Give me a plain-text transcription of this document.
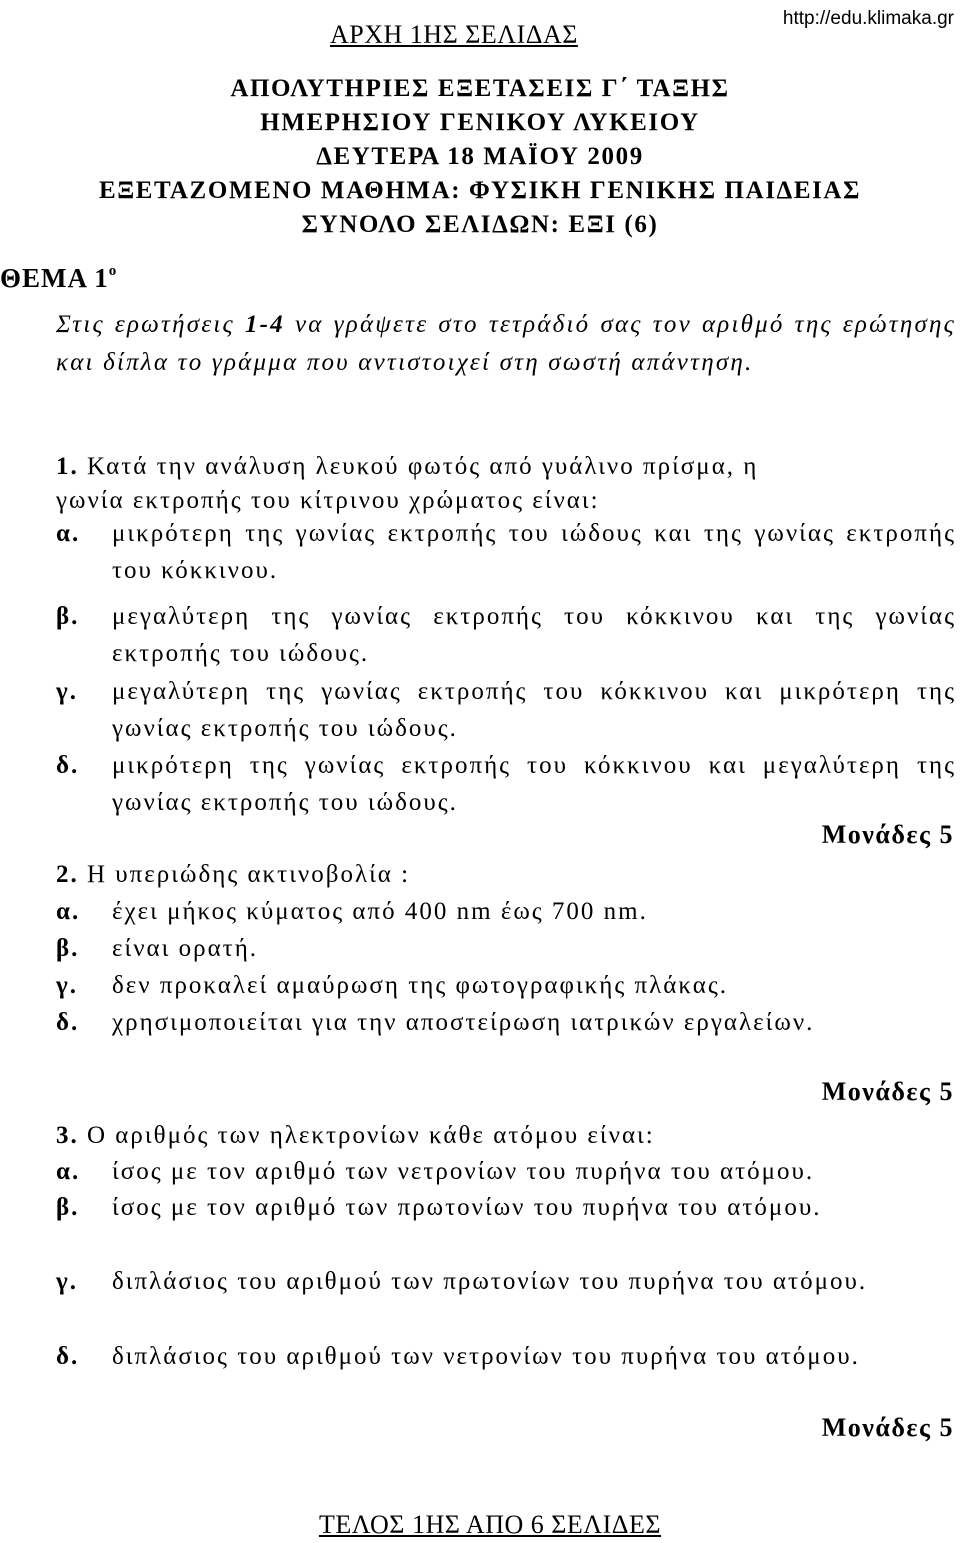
ΑΡΧΗ 1ΗΣ ΣΕΛΙΔΑΣ
http://edu.klimaka.gr
ΑΠΟΛΥΤΗΡΙΕΣ ΕΞΕΤΑΣΕΙΣ Γ΄ ΤΑΞΗΣ
ΗΜΕΡΗΣΙΟΥ ΓΕΝΙΚΟΥ ΛΥΚΕΙΟΥ
ΔΕΥΤΕΡΑ 18 ΜΑΪΟΥ 2009
ΕΞΕΤΑΖΟΜΕΝΟ ΜΑΘΗΜΑ: ΦΥΣΙΚΗ ΓΕΝΙΚΗΣ ΠΑΙΔΕΙΑΣ
ΣΥΝΟΛΟ ΣΕΛΙΔΩΝ: ΕΞΙ (6)
ΘΕΜΑ $1^o$
Στις ερωτήσεις 1-4 να γράψετε στο τετράδιό σας τον αριθμό της ερώτησης και δίπλα το γράμμα που αντιστοιχεί στη σωστή απάντηση.
1. Κατά την ανάλυση λευκού φωτός από γυάλινο πρίσμα, η
γωνία εκτροπής του κίτρινου χρώματος είναι:
α. μικρότερη της γωνίας εκτροπής του ιώδους και της γωνίας εκτροπής του κόκκινου.
β. μεγαλύτερη της γωνίας εκτροπής του κόκκινου και της γωνίας εκτροπής του ιώδους.
γ. μεγαλύτερη της γωνίας εκτροπής του κόκκινου και μικρότερη της γωνίας εκτροπής του ιώδους.
δ. μικρότερη της γωνίας εκτροπής του κόκκινου και μεγαλύτερη της γωνίας εκτροπής του ιώδους.
Μονάδες 5
2. Η υπεριώδης ακτινοβολία :
α. έχει μήκος κύματος από 400 nm έως 700 nm.
β. είναι ορατή.
γ. δεν προκαλεί αμαύρωση της φωτογραφικής πλάκας.
δ. χρησιμοποιείται για την αποστείρωση ιατρικών εργαλείων.
Μονάδες 5
3. Ο αριθμός των ηλεκτρονίων κάθε ατόμου είναι:
α. ίσος με τον αριθμό των νετρονίων του πυρήνα του ατόμου.
β. ίσος με τον αριθμό των πρωτονίων του πυρήνα του ατόμου.
γ. διπλάσιος του αριθμού των πρωτονίων του πυρήνα του ατόμου.
δ. διπλάσιος του αριθμού των νετρονίων του πυρήνα του ατόμου.
Μονάδες 5
ΤΕΛΟΣ 1ΗΣ ΑΠΟ 6 ΣΕΛΙΔΕΣ
